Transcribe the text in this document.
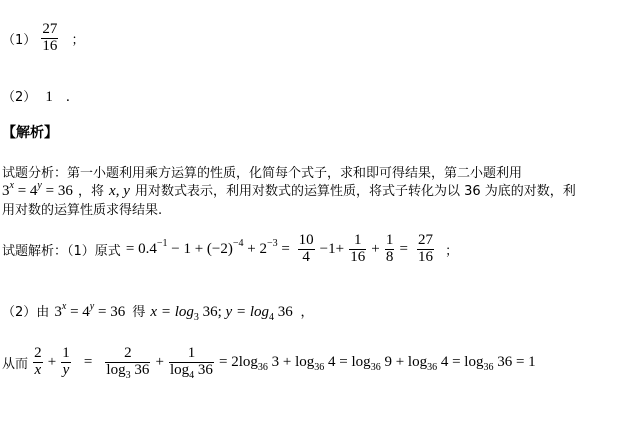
$(1) \frac{27}{16}$ ；
（2） 1 .
【解析】
试题分析：第一小题利用乘方运算的性质，化简每个式子，求和即可得结果，第二小题利用
$3^x = 4^y = 36$ ，将 x, y 用对数式表示，利用对数式的运算性质，将式子转化为以 36 为底的对数，利
用对数的运算性质求得结果.
试题解析：（1）原式 = $0.4^{-1} - 1 + (-2)^{-4} + 2^{-3} = \frac{10}{4} -1+ \frac{1}{16} + \frac{1}{8} = \frac{27}{16}$ ；
（2）由 $3^x = 4^y = 36$ 得 $x = \log_3 36$; $y = \log_4 36$ ，
从而 $\frac{2}{x} + \frac{1}{y} = \frac{2}{\log_3 36} + \frac{1}{\log_4 36} = 2\log_{36}$ $3 + \log_{36} 4 = \log_{36} 9 + \log_{36} 4 = \log_{36} 36 = 1$
